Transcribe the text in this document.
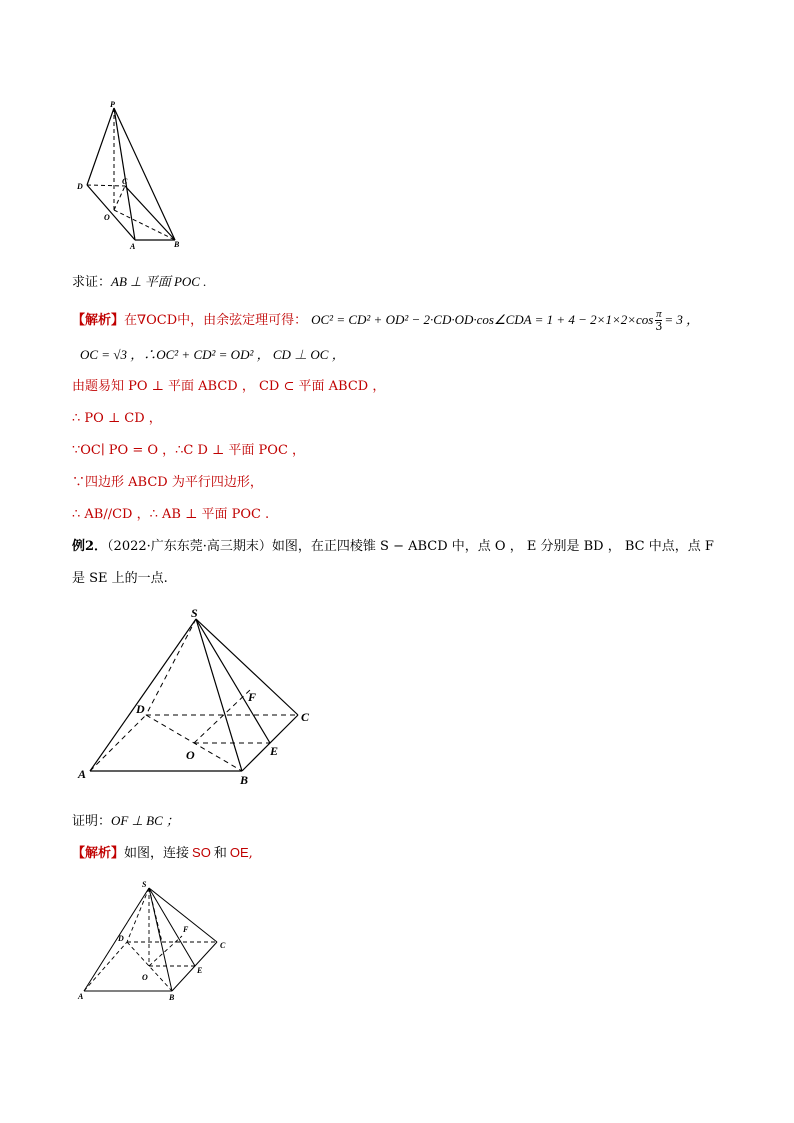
P
D
C
O
A	B
求证：AB ⊥ 平面 POC .
【解析】在∇OCD中，由余弦定理可得： OC² = CD² + OD² − 2·CD·OD·cos∠CDA = $1 + 4 - 2\times 1\times 2\times\cos \frac{\pi}{3} = 3$ ，
OC = √3 ，∴OC² + CD² = OD² ， CD ⊥ OC ，
由题易知 PO ⊥ 平面 ABCD ， CD ⊂ 平面 ABCD ，
∴ PO ⊥ CD ，
∵OC∣ PO = O ，∴C D ⊥ 平面 POC ，
∵四边形 ABCD 为平行四边形，
∴ AB//CD ，∴ AB ⊥ 平面 POC .
例2．（2022·广东东莞·高三期末）如图，在正四棱锥 S − ABCD 中，点 O ， E 分别是 BD ， BC 中点，点 F
是 SE 上的一点.
S
D
C
F
E
O
A	B
证明：OF ⊥ BC ；
【解析】如图，连接 SO 和 OE,
S
D
C
F
E
O
A	B
